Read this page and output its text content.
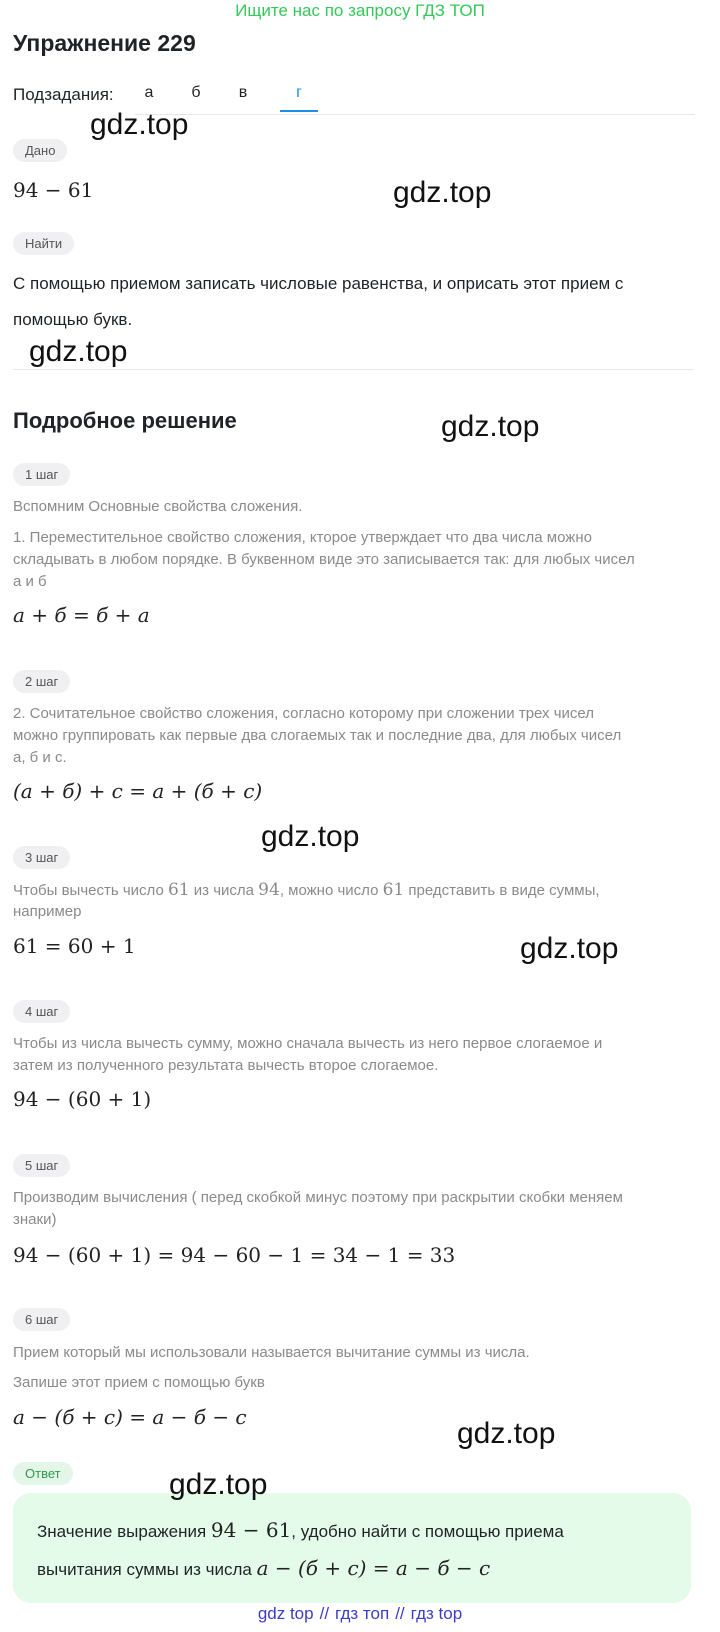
Ищите нас по запросу ГДЗ ТОП
Упражнение 229
Подзадания:	а	б	в	г
Дано
94 − 61
Найти
С помощью приемом записать числовые равенства, и оприсать этот прием с
помощью букв.
Подробное решение
1 шаг
Вспомним Основные свойства сложения.
1. Переместительное свойство сложения, кторое утверждает что два числа можно
складывать в любом порядке. В буквенном виде это записывается так: для любых чисел
а и б
a + б = б + a
2 шаг
2. Сочитательное свойство сложения, согласно которому при сложении трех чисел
можно группировать как первые два слогаемых так и последние два, для любых чисел
а, б и с.
(a + б) + c = a + (б + c)
3 шаг
Чтобы вычесть число 61 из числа 94, можно число 61 представить в виде суммы,
например
61 = 60 + 1
4 шаг
Чтобы из числа вычесть сумму, можно сначала вычесть из него первое слогаемое и
затем из полученного результата вычесть второе слогаемое.
94 − (60 + 1)
5 шаг
Производим вычисления ( перед скобкой минус поэтому при раскрытии скобки меняем
знаки)
94 − (60 + 1) = 94 − 60 − 1 = 34 − 1 = 33
6 шаг
Прием который мы использовали называется вычитание суммы из числа.
Запише этот прием с помощью букв
a − (б + c) = a − б − c
Ответ
Значение выражения 94 − 61, удобно найти с помощью приема
вычитания суммы из числа a − (б + c) = a − б − c
gdz.top
gdz.top
gdz.top
gdz.top
gdz.top
gdz.top
gdz.top
gdz.top
gdz top // гдз топ // гдз top
